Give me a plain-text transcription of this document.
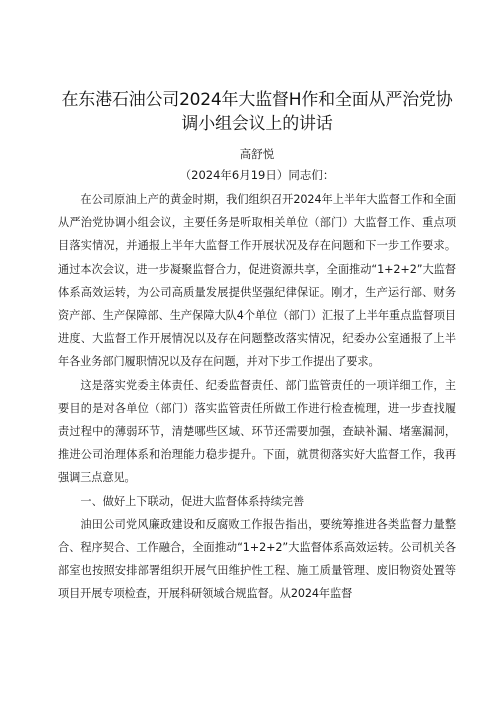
在东港石油公司2024年大监督H作和全面从严治党协调小组会议上的讲话
高舒悦
（2024年6月19日）同志们：

在公司原油上产的黄金时期，我们组织召开2024年上半年大监督工作和全面从严治党协调小组会议，主要任务是听取相关单位（部门）大监督工作、重点项目落实情况，并通报上半年大监督工作开展状况及存在问题和下一步工作要求。通过本次会议，进一步凝聚监督合力，促进资源共享，全面推动“1+2+2”大监督体系高效运转，为公司高质量发展提供坚强纪律保证。刚才，生产运行部、财务资产部、生产保障部、生产保障大队4个单位（部门）汇报了上半年重点监督项目进度、大监督工作开展情况以及存在问题整改落实情况，纪委办公室通报了上半年各业务部门履职情况以及存在问题，并对下步工作提出了要求。

这是落实党委主体责任、纪委监督责任、部门监管责任的一项详细工作，主要目的是对各单位（部门）落实监管责任所做工作进行检查梳理，进一步查找履责过程中的薄弱环节，清楚哪些区域、环节还需要加强，查缺补漏、堵塞漏洞，推进公司治理体系和治理能力稳步提升。下面，就贯彻落实好大监督工作，我再强调三点意见。

一、做好上下联动，促进大监督体系持续完善

油田公司党风廉政建设和反腐败工作报告指出，要统筹推进各类监督力量整合、程序契合、工作融合，全面推动“1+2+2”大监督体系高效运转。公司机关各部室也按照安排部署组织开展气田维护性工程、施工质量管理、废旧物资处置等项目开展专项检查，开展科研领域合规监督。从2024年监督
